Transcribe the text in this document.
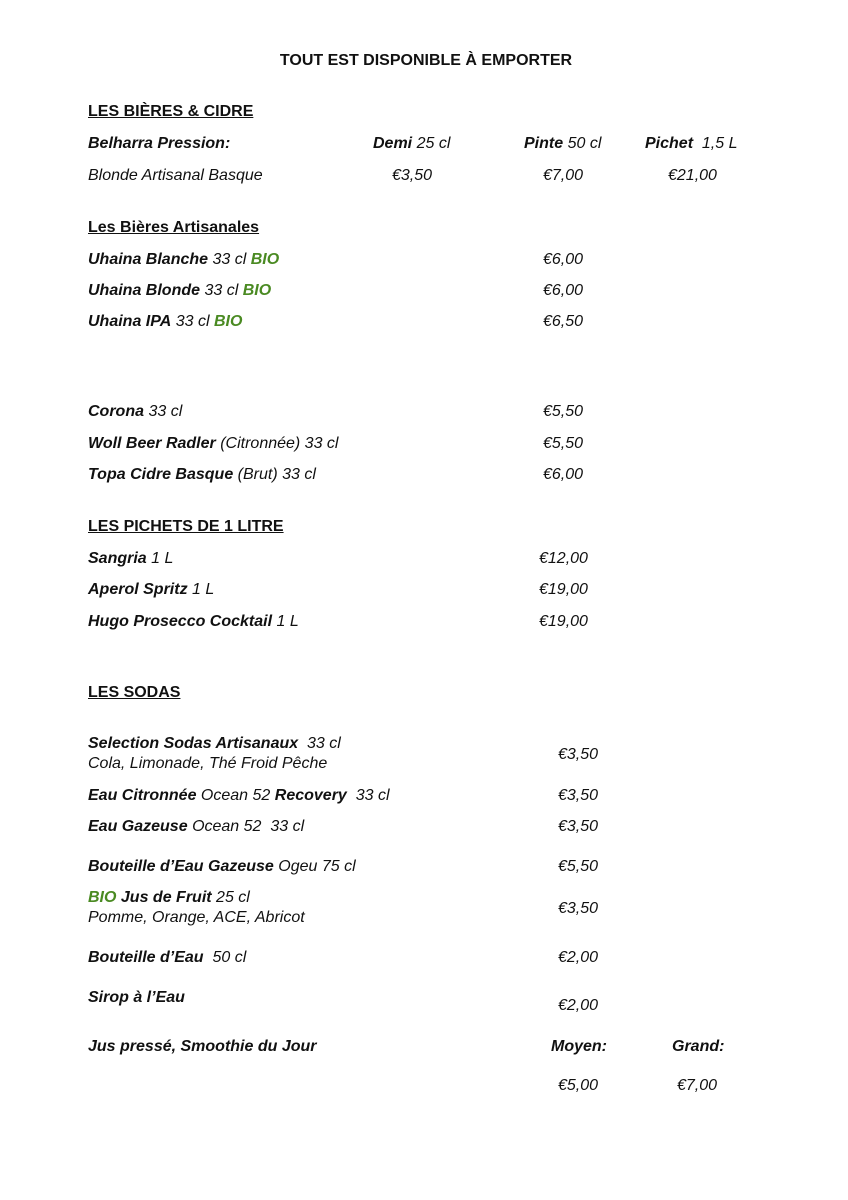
TOUT EST DISPONIBLE À EMPORTER
LES BIÈRES & CIDRE
Belharra Pression:	Demi 25 cl	Pinte 50 cl	Pichet 1,5 L
Blonde Artisanal Basque	€3,50	€7,00	€21,00
Les Bières Artisanales
Uhaina Blanche 33 cl BIO	€6,00
Uhaina Blonde 33 cl BIO	€6,00
Uhaina IPA 33 cl BIO	€6,50
Corona 33 cl	€5,50
Woll Beer Radler (Citronnée) 33 cl	€5,50
Topa Cidre Basque (Brut) 33 cl	€6,00
LES PICHETS DE 1 LITRE
Sangria 1 L	€12,00
Aperol Spritz 1 L	€19,00
Hugo Prosecco Cocktail 1 L	€19,00
LES SODAS
Selection Sodas Artisanaux 33 cl
Cola, Limonade, Thé Froid Pêche
€3,50
Eau Citronnée Ocean 52 Recovery 33 cl	€3,50
Eau Gazeuse Ocean 52  33 cl	€3,50
Bouteille d’Eau Gazeuse Ogeu 75 cl	€5,50
BIO Jus de Fruit 25 cl
Pomme, Orange, ACE, Abricot
€3,50
Bouteille d’Eau 50 cl	€2,00
Sirop à l’Eau	€2,00
Jus pressé, Smoothie du Jour	Moyen:	Grand:
€5,00	€7,00
